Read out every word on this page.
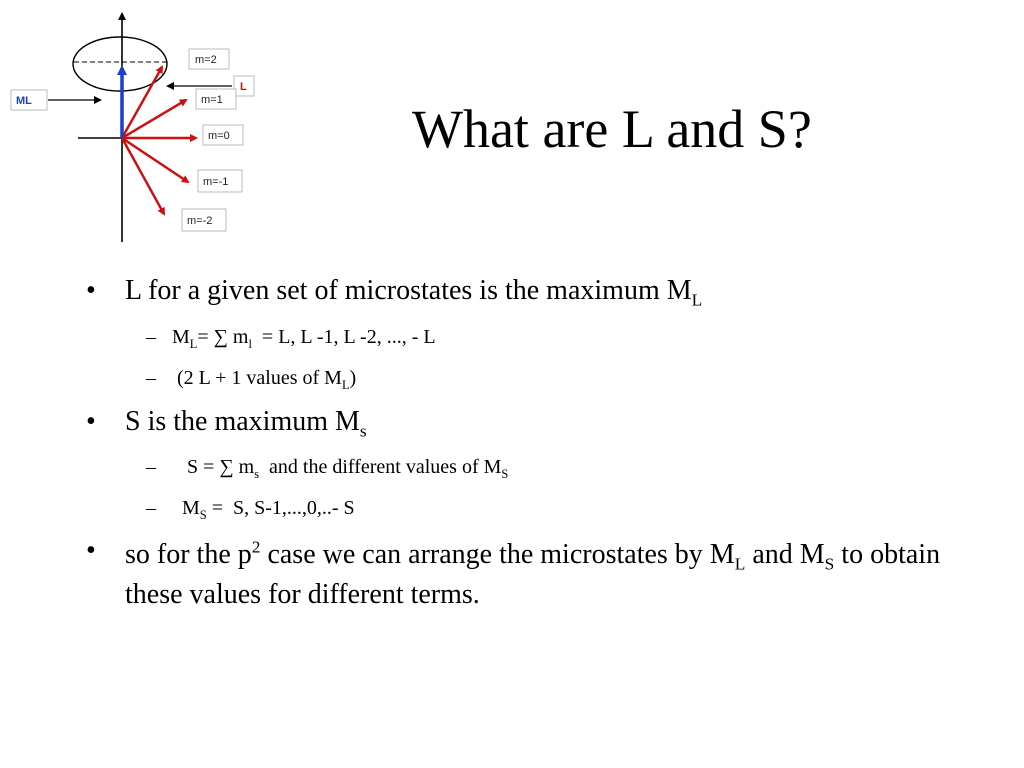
m=2
L
m=1
ML
m=0
m=-1
m=-2
What are L and S?
• L for a given set of microstates is the maximum $M_L$
– $M_L=$ ∑ $m_l = L$, L -1, L -2, ..., - L
– (2 L + 1 values of $M_L$)
• S is the maximum $M_s$
– S = ∑ $m_s$  and the different values of $M_S$
– $M_S = S$, S-1,...,0,..- S
• so for the $p^2$ case we can arrange the microstates by $M_L$ and $M_S$ to obtain these values for different terms.
